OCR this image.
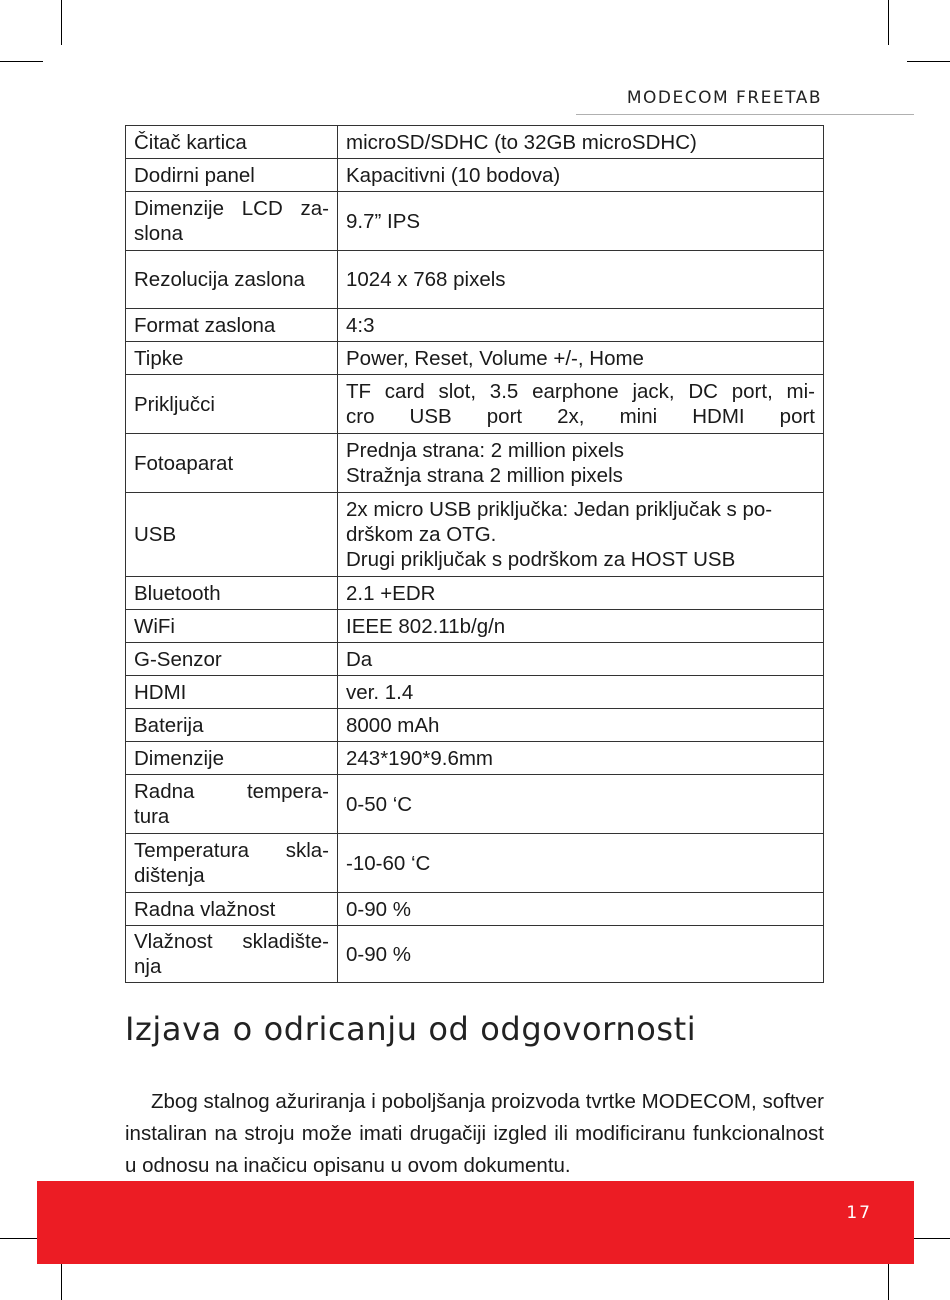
MODECOM FREETAB
Čitač kartica	microSD/SDHC (to 32GB microSDHC)
Dodirni panel	Kapacitivni (10 bodova)
Dimenzije LCD za-
slona	9.7” IPS
Rezolucija zaslona	1024 x 768 pixels
Format zaslona	4:3
Tipke	Power, Reset, Volume +/-, Home
Priključci	TF card slot, 3.5 earphone jack, DC port, mi-
cro USB port 2x, mini HDMI port
Fotoaparat	Prednja strana: 2 million pixels
Stražnja strana 2 million pixels
USB	2x micro USB priključka: Jedan priključak s po-
drškom za OTG.
Drugi priključak s podrškom za HOST USB
Bluetooth	2.1 +EDR
WiFi	IEEE 802.11b/g/n
G-Senzor	Da
HDMI	ver. 1.4
Baterija	8000 mAh
Dimenzije	243*190*9.6mm
Radna tempera-
tura	0-50 ‘C
Temperatura skla-
dištenja	-10-60 ‘C
Radna vlažnost	0-90 %
Vlažnost skladište-
nja	0-90 %
Izjava o odricanju od odgovornosti

Zbog stalnog ažuriranja i poboljšanja proizvoda tvrtke MODECOM, softver instaliran na stroju može imati drugačiji izgled ili modificiranu funkcionalnost u odnosu na inačicu opisanu u ovom dokumentu.

17
